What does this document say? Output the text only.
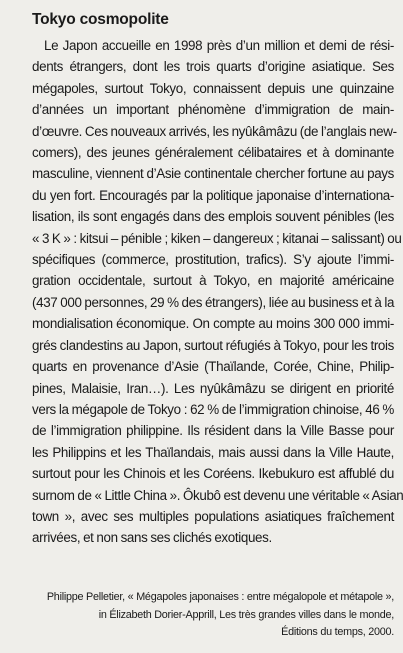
Tokyo cosmopolite
Le Japon accueille en 1998 près d’un million et demi de rési-
dents étrangers, dont les trois quarts d’origine asiatique. Ses
mégapoles, surtout Tokyo, connaissent depuis une quinzaine
d’années un important phénomène d’immigration de main-
d’œuvre. Ces nouveaux arrivés, les nyûkâmâzu (de l’anglais new-
comers), des jeunes généralement célibataires et à dominante
masculine, viennent d’Asie continentale chercher fortune au pays
du yen fort. Encouragés par la politique japonaise d’internationa-
lisation, ils sont engagés dans des emplois souvent pénibles (les
« 3 K » : kitsui – pénible ; kiken – dangereux ; kitanai – salissant) ou
spécifiques (commerce, prostitution, trafics). S’y ajoute l’immi-
gration occidentale, surtout à Tokyo, en majorité américaine
(437 000 personnes, 29 % des étrangers), liée au business et à la
mondialisation économique. On compte au moins 300 000 immi-
grés clandestins au Japon, surtout réfugiés à Tokyo, pour les trois
quarts en provenance d’Asie (Thaïlande, Corée, Chine, Philip-
pines, Malaisie, Iran…). Les nyûkâmâzu se dirigent en priorité
vers la mégapole de Tokyo : 62 % de l’immigration chinoise, 46 %
de l’immigration philippine. Ils résident dans la Ville Basse pour
les Philippins et les Thaïlandais, mais aussi dans la Ville Haute,
surtout pour les Chinois et les Coréens. Ikebukuro est affublé du
surnom de « Little China ». Ôkubô est devenu une véritable « Asian
town », avec ses multiples populations asiatiques fraîchement
arrivées, et non sans ses clichés exotiques.
Philippe Pelletier, « Mégapoles japonaises : entre mégalopole et métapole »,
in Élizabeth Dorier-Apprill, Les très grandes villes dans le monde,
Éditions du temps, 2000.
